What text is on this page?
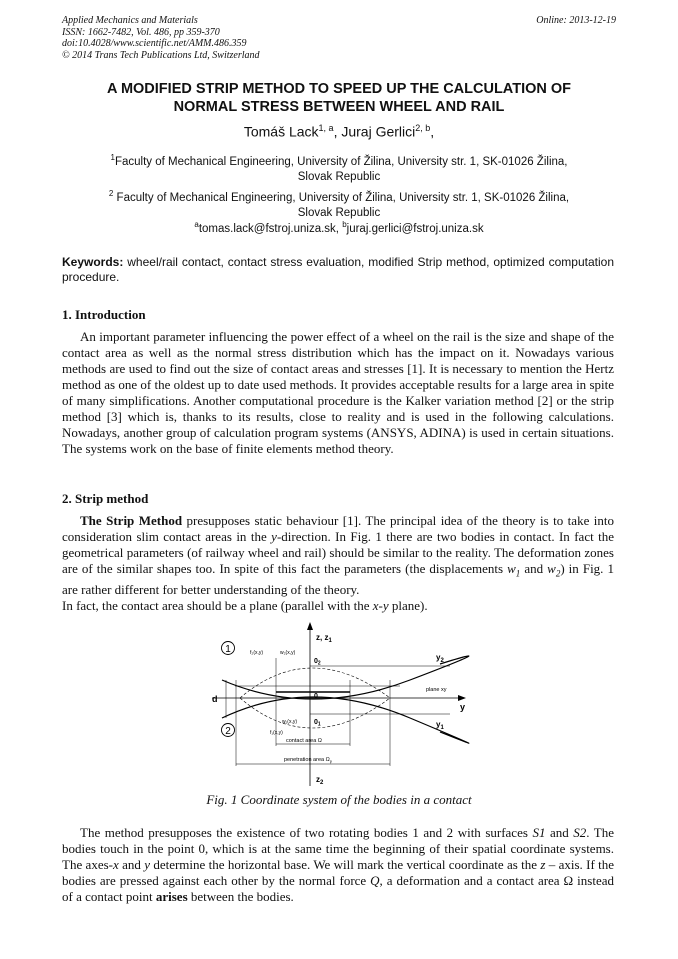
Applied Mechanics and Materials
ISSN: 1662-7482, Vol. 486, pp 359-370
doi:10.4028/www.scientific.net/AMM.486.359
© 2014 Trans Tech Publications Ltd, Switzerland
Online: 2013-12-19
A MODIFIED STRIP METHOD TO SPEED UP THE CALCULATION OF
NORMAL STRESS BETWEEN WHEEL AND RAIL
Tomáš Lack$^{1, a}$, Juraj Gerlici$^{2, b}$,
$^1$Faculty of Mechanical Engineering, University of Žilina, University str. 1, SK-01026 Žilina,
Slovak Republic
$^2$ Faculty of Mechanical Engineering, University of Žilina, University str. 1, SK-01026 Žilina,
Slovak Republic
$^a$tomas.lack@fstroj.uniza.sk, $^b$juraj.gerlici@fstroj.uniza.sk
Keywords: wheel/rail contact, contact stress evaluation, modified Strip method, optimized computation procedure.
1. Introduction

An important parameter influencing the power effect of a wheel on the rail is the size and shape of the contact area as well as the normal stress distribution which has the impact on it. Nowadays various methods are used to find out the size of contact areas and stresses [1]. It is necessary to mention the Hertz method as one of the oldest up to date used methods. It provides acceptable results for a large area in spite of many simplifications. Another computational procedure is the Kalker variation method [2] or the strip method [3] which is, thanks to its results, close to reality and is used in the following calculations. Nowadays, another group of calculation program systems (ANSYS, ADINA) is used in certain situations. The systems work on the base of finite elements method theory.

2. Strip method

The Strip Method presupposes static behaviour [1]. The principal idea of the theory is to take into consideration slim contact areas in the y-direction. In Fig. 1 there are two bodies in contact. In fact the geometrical parameters (of railway wheel and rail) should be similar to the reality. The deformation zones are of the similar shapes too. In spite of this fact the parameters (the displacements $w_1$ and $w_2$) in Fig. 1 are rather different for better understanding of the theory.

In fact, the contact area should be a plane (parallel with the x-y plane).

1
2
z, $z_1$
$z_2$
$y_2$
$y_1$
y
d
plane xy
$0_2$
0
$0_1$
f₂(x,y)	w₂(x,y)
w₁(x,y)
f₁(x,y)
contact area Ω
penetration area $\Omega_p$
Fig. 1 Coordinate system of the bodies in a contact

The method presupposes the existence of two rotating bodies 1 and 2 with surfaces S1 and S2. The bodies touch in the point 0, which is at the same time the beginning of their spatial coordinate systems. The axes-x and y determine the horizontal base. We will mark the vertical coordinate as the z – axis. If the bodies are pressed against each other by the normal force Q, a deformation and a contact area Ω instead of a contact point arises between the bodies.
